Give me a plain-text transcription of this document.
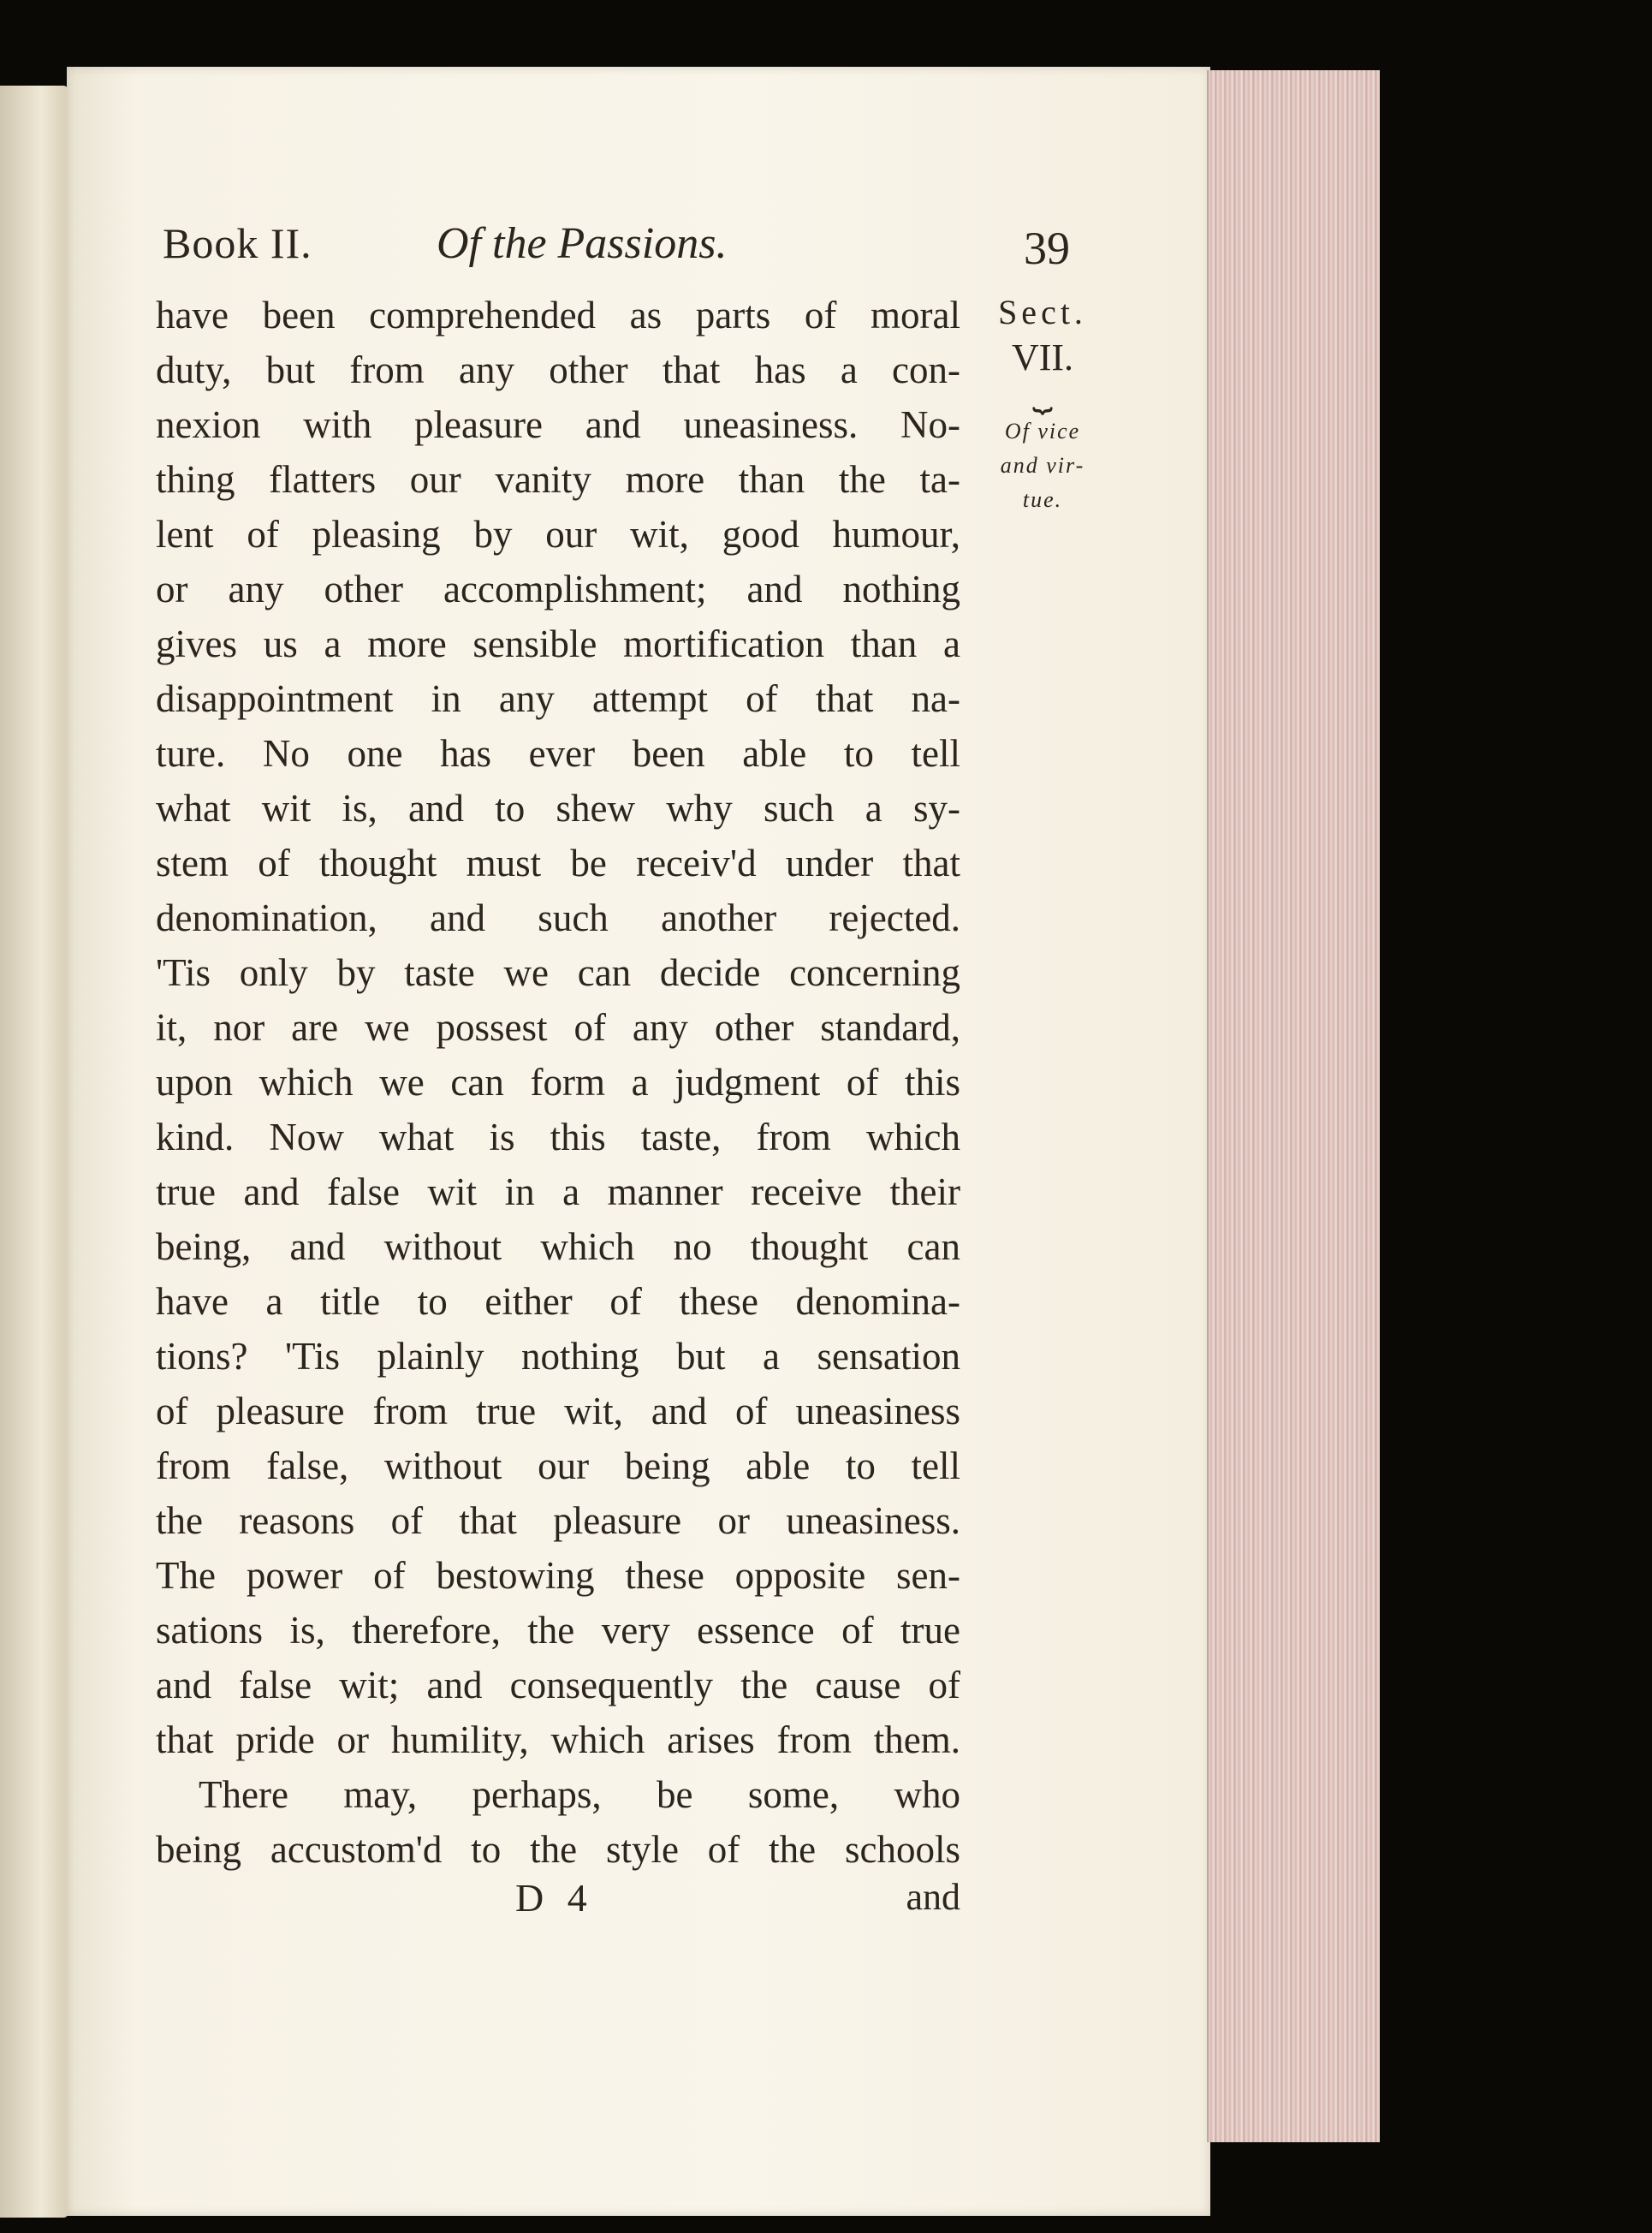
Book II.	Of the Passions.	39
have been comprehended as parts of moral
duty, but from any other that has a con-
nexion with pleasure and uneasiness. No-
thing flatters our vanity more than the ta-
lent of pleasing by our wit, good humour,
or any other accomplishment; and nothing
gives us a more sensible mortification than a
disappointment in any attempt of that na-
ture. No one has ever been able to tell
what wit is, and to shew why such a sy-
stem of thought must be receiv'd under that
denomination, and such another rejected.
'Tis only by taste we can decide concerning
it, nor are we possest of any other standard,
upon which we can form a judgment of this
kind. Now what is this taste, from which
true and false wit in a manner receive their
being, and without which no thought can
have a title to either of these denomina-
tions? 'Tis plainly nothing but a sensation
of pleasure from true wit, and of uneasiness
from false, without our being able to tell
the reasons of that pleasure or uneasiness.
The power of bestowing these opposite sen-
sations is, therefore, the very essence of true
and false wit; and consequently the cause of
that pride or humility, which arises from them.
There may, perhaps, be some, who
being accustom'd to the style of the schools
Sect.
VII.
⏟
Of vice
and vir-
tue.
D 4	and
